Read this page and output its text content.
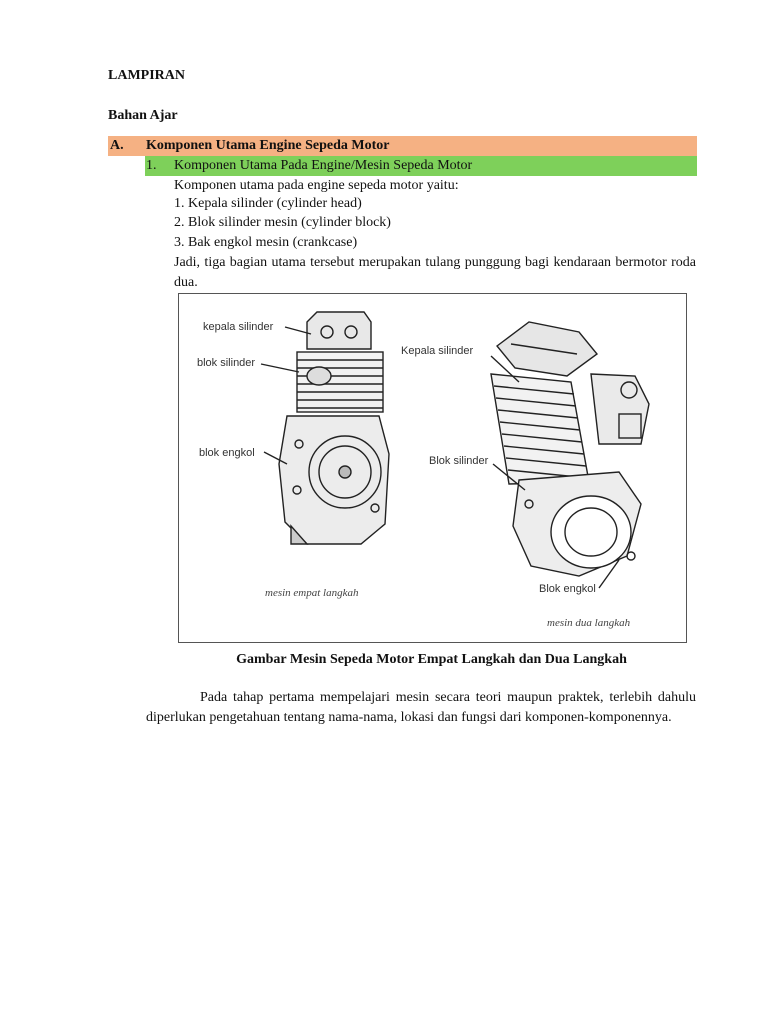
LAMPIRAN
Bahan Ajar
A. Komponen Utama Engine Sepeda Motor
1. Komponen Utama Pada Engine/Mesin Sepeda Motor
Komponen utama pada engine sepeda motor yaitu:
1. Kepala silinder (cylinder head)
2. Blok silinder mesin (cylinder block)
3. Bak engkol mesin (crankcase)
Jadi, tiga bagian utama tersebut merupakan tulang punggung bagi kendaraan bermotor roda dua.
kepala silinder
blok silinder
blok engkol
mesin empat langkah
Kepala silinder
Blok silinder
Blok engkol
mesin dua langkah
Gambar Mesin Sepeda Motor Empat Langkah dan Dua Langkah
Pada tahap pertama mempelajari mesin secara teori maupun praktek, terlebih dahulu diperlukan pengetahuan tentang nama-nama, lokasi dan fungsi dari komponen-komponennya.
